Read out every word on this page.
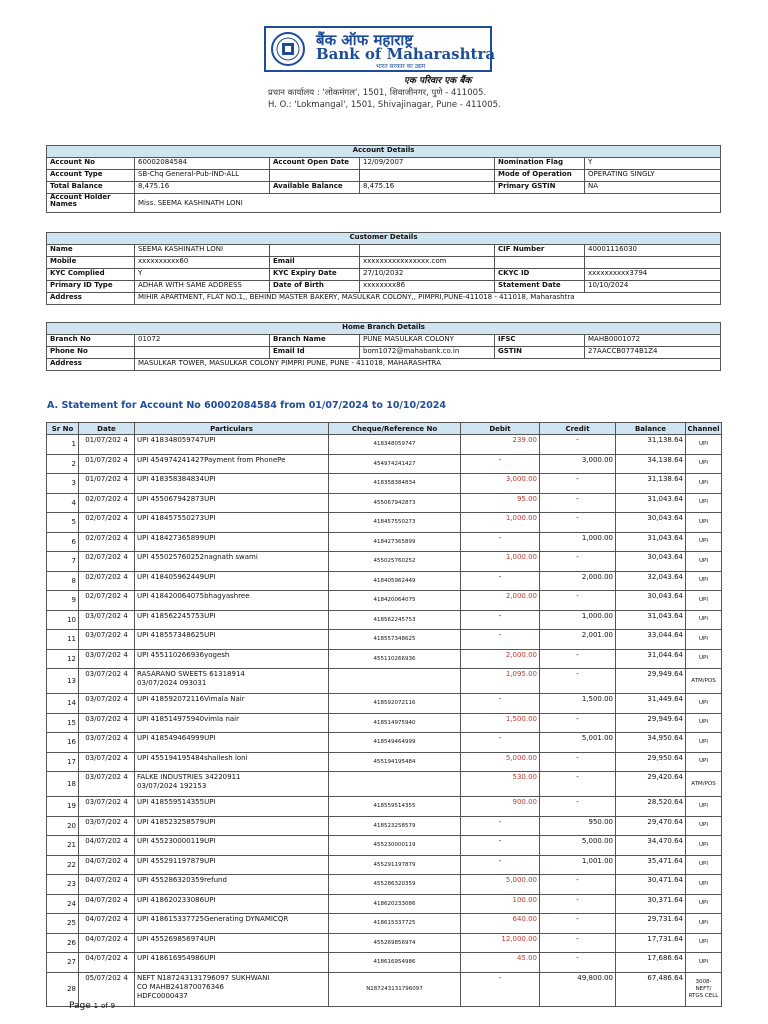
बैंक ऑफ महाराष्ट्र
Bank of Maharashtra
भारत सरकार का उद्यम
एक परिवार एक बैंक
प्रधान कार्यालय : 'लोकमंगल', 1501, शिवाजीनगर, पुणे - 411005.
H. O.: 'Lokmangal', 1501, Shivajinagar, Pune - 411005.
Account Details					
Account No	60002084584	Account Open Date	12/09/2007	Nomination Flag	Y
Account Type	SB-Chq General-Pub-IND-ALL			Mode of Operation	OPERATING SINGLY
Total Balance	8,475.16	Available Balance	8,475.16	Primary GSTIN	NA
Account Holder Names	Miss. SEEMA KASHINATH LONI				
Customer Details					
Name	SEEMA KASHINATH LONI			CIF Number	40001116030
Mobile	xxxxxxxxxx60	Email	xxxxxxxxxxxxxxxx.com		
KYC Complied	Y	KYC Expiry Date	27/10/2032	CKYC ID	xxxxxxxxxx3794
Primary ID Type	ADHAR WITH SAME ADDRESS	Date of Birth	xxxxxxxx86	Statement Date	10/10/2024
Address	MIHIR APARTMENT, FLAT NO.1,, BEHIND MASTER BAKERY, MASULKAR COLONY,, PIMPRI,PUNE-411018 - 411018, Maharashtra				
Home Branch Details					
Branch No	01072	Branch Name	PUNE MASULKAR COLONY	IFSC	MAHB0001072
Phone No		Email Id	bom1072@mahabank.co.in	GSTIN	27AACCB0774B1Z4
Address	MASULKAR TOWER, MASULKAR COLONY PIMPRI PUNE, PUNE - 411018, MAHARASHTRA				
A. Statement for Account No 60002084584 from 01/07/2024 to 10/10/2024
Sr No	Date	Particulars	Cheque/Reference No	Debit	Credit	Balance	Channel
1	01/07/202 4	UPI 418348059747UPI	418348059747	239.00	-	31,138.64	UPI
2	01/07/202 4	UPI 454974241427Payment from PhonePe	454974241427	-	3,000.00	34,138.64	UPI
3	01/07/202 4	UPI 418358384834UPI	418358384834	3,000.00	-	31,138.64	UPI
4	02/07/202 4	UPI 455067942873UPI	455067942873	95.00	-	31,043.64	UPI
5	02/07/202 4	UPI 418457550273UPI	418457550273	1,000.00	-	30,043.64	UPI
6	02/07/202 4	UPI 418427365899UPI	418427365899	-	1,000.00	31,043.64	UPI
7	02/07/202 4	UPI 455025760252nagnath swami	455025760252	1,000.00	-	30,043.64	UPI
8	02/07/202 4	UPI 418405962449UPI	418405962449	-	2,000.00	32,043.64	UPI
9	02/07/202 4	UPI 418420064075bhagyashree	418420064075	2,000.00	-	30,043.64	UPI
10	03/07/202 4	UPI 418562245753UPI	418562245753	-	1,000.00	31,043.64	UPI
11	03/07/202 4	UPI 418557348625UPI	418557348625	-	2,001.00	33,044.64	UPI
12	03/07/202 4	UPI 455110266936yogesh	455110266936	2,000.00	-	31,044.64	UPI
13	03/07/202 4	RASARANO SWEETS 61318914
03/07/2024 093031		1,095.00	-	29,949.64	ATM/POS
14	03/07/202 4	UPI 418592072116Vimala Nair	418592072116	-	1,500.00	31,449.64	UPI
15	03/07/202 4	UPI 418514975940vimla nair	418514975940	1,500.00	-	29,949.64	UPI
16	03/07/202 4	UPI 418549464999UPI	418549464999	-	5,001.00	34,950.64	UPI
17	03/07/202 4	UPI 455194195484shailesh loni	455194195484	5,000.00	-	29,950.64	UPI
18	03/07/202 4	FALKE INDUSTRIES 34220911
03/07/2024 192153		530.00	-	29,420.64	ATM/POS
19	03/07/202 4	UPI 418559514355UPI	418559514355	900.00	-	28,520.64	UPI
20	03/07/202 4	UPI 418523258579UPI	418523258579	-	950.00	29,470.64	UPI
21	04/07/202 4	UPI 455230000119UPI	455230000119	-	5,000.00	34,470.64	UPI
22	04/07/202 4	UPI 455291197879UPI	455291197879	-	1,001.00	35,471.64	UPI
23	04/07/202 4	UPI 455286320359refund	455286320359	5,000.00	-	30,471.64	UPI
24	04/07/202 4	UPI 418620233086UPI	418620233086	100.00	-	30,371.64	UPI
25	04/07/202 4	UPI 418615337725Generating DYNAMICQR	418615337725	640.00	-	29,731.64	UPI
26	04/07/202 4	UPI 455269856974UPI	455269856974	12,000.00	-	17,731.64	UPI
27	04/07/202 4	UPI 418616954986UPI	418616954986	45.00	-	17,686.64	UPI
28	05/07/202 4	NEFT N187243131796097 SUKHWANI
CO MAHB241870076346
HDFC0000437	N187243131796097	-	49,800.00	67,486.64	3008-NEFT/ RTGS CELL
Page 1 of 9
